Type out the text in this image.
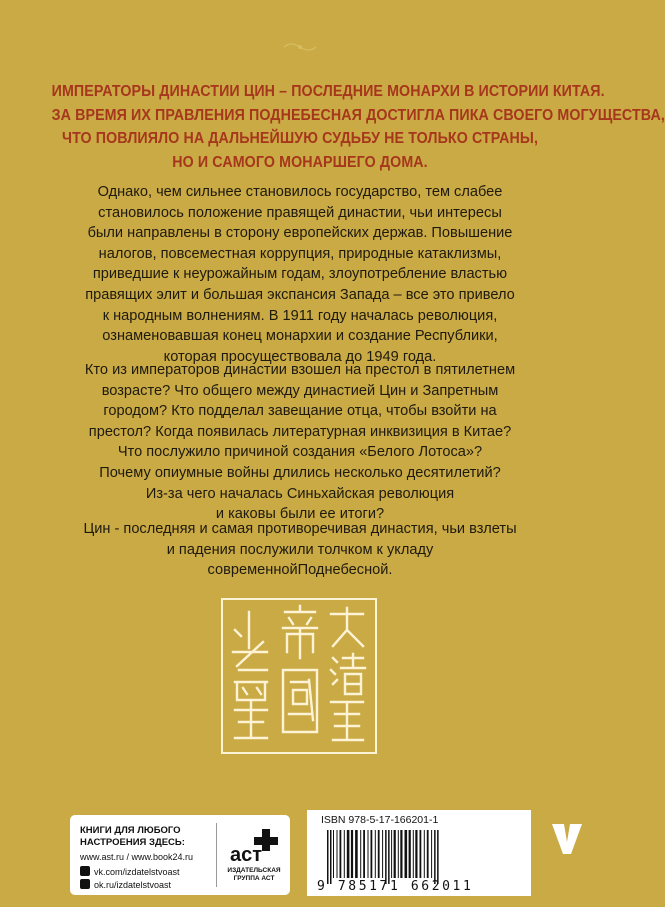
ИМПЕРАТОРЫ ДИНАСТИИ ЦИН – ПОСЛЕДНИЕ МОНАРХИ В ИСТОРИИ КИТАЯ.
ЗА ВРЕМЯ ИХ ПРАВЛЕНИЯ ПОДНЕБЕСНАЯ ДОСТИГЛА ПИКА СВОЕГО МОГУЩЕСТВА,
ЧТО ПОВЛИЯЛО НА ДАЛЬНЕЙШУЮ СУДЬБУ НЕ ТОЛЬКО СТРАНЫ,
НО И САМОГО МОНАРШЕГО ДОМА.
Однако, чем сильнее становилось государство, тем слабее
становилось положение правящей династии, чьи интересы
были направлены в сторону европейских держав. Повышение
налогов, повсеместная коррупция, природные катаклизмы,
приведшие к неурожайным годам, злоупотребление властью
правящих элит и большая экспансия Запада – все это привело
к народным волнениям. В 1911 году началась революция,
ознаменовавшая конец монархии и создание Республики,
которая просуществовала до 1949 года.
Кто из императоров династии взошел на престол в пятилетнем
возрасте? Что общего между династией Цин и Запретным
городом? Кто подделал завещание отца, чтобы взойти на
престол? Когда появилась литературная инквизиция в Китае?
Что послужило причиной создания «Белого Лотоса»?
Почему опиумные войны длились несколько десятилетий?
Из-за чего началась Синьхайская революция
и каковы были ее итоги?
Цин - последняя и самая противоречивая династия, чьи взлеты
и падения послужили толчком к укладу
современнойПоднебесной.
КНИГИ ДЛЯ ЛЮБОГО
НАСТРОЕНИЯ ЗДЕСЬ:
www.ast.ru / www.book24.ru
vk.com/izdatelstvoast
ok.ru/izdatelstvoast
аст
ИЗДАТЕЛЬСКАЯ ГРУППА АСТ
ISBN 978-5-17-166201-1
9 785171 662011
